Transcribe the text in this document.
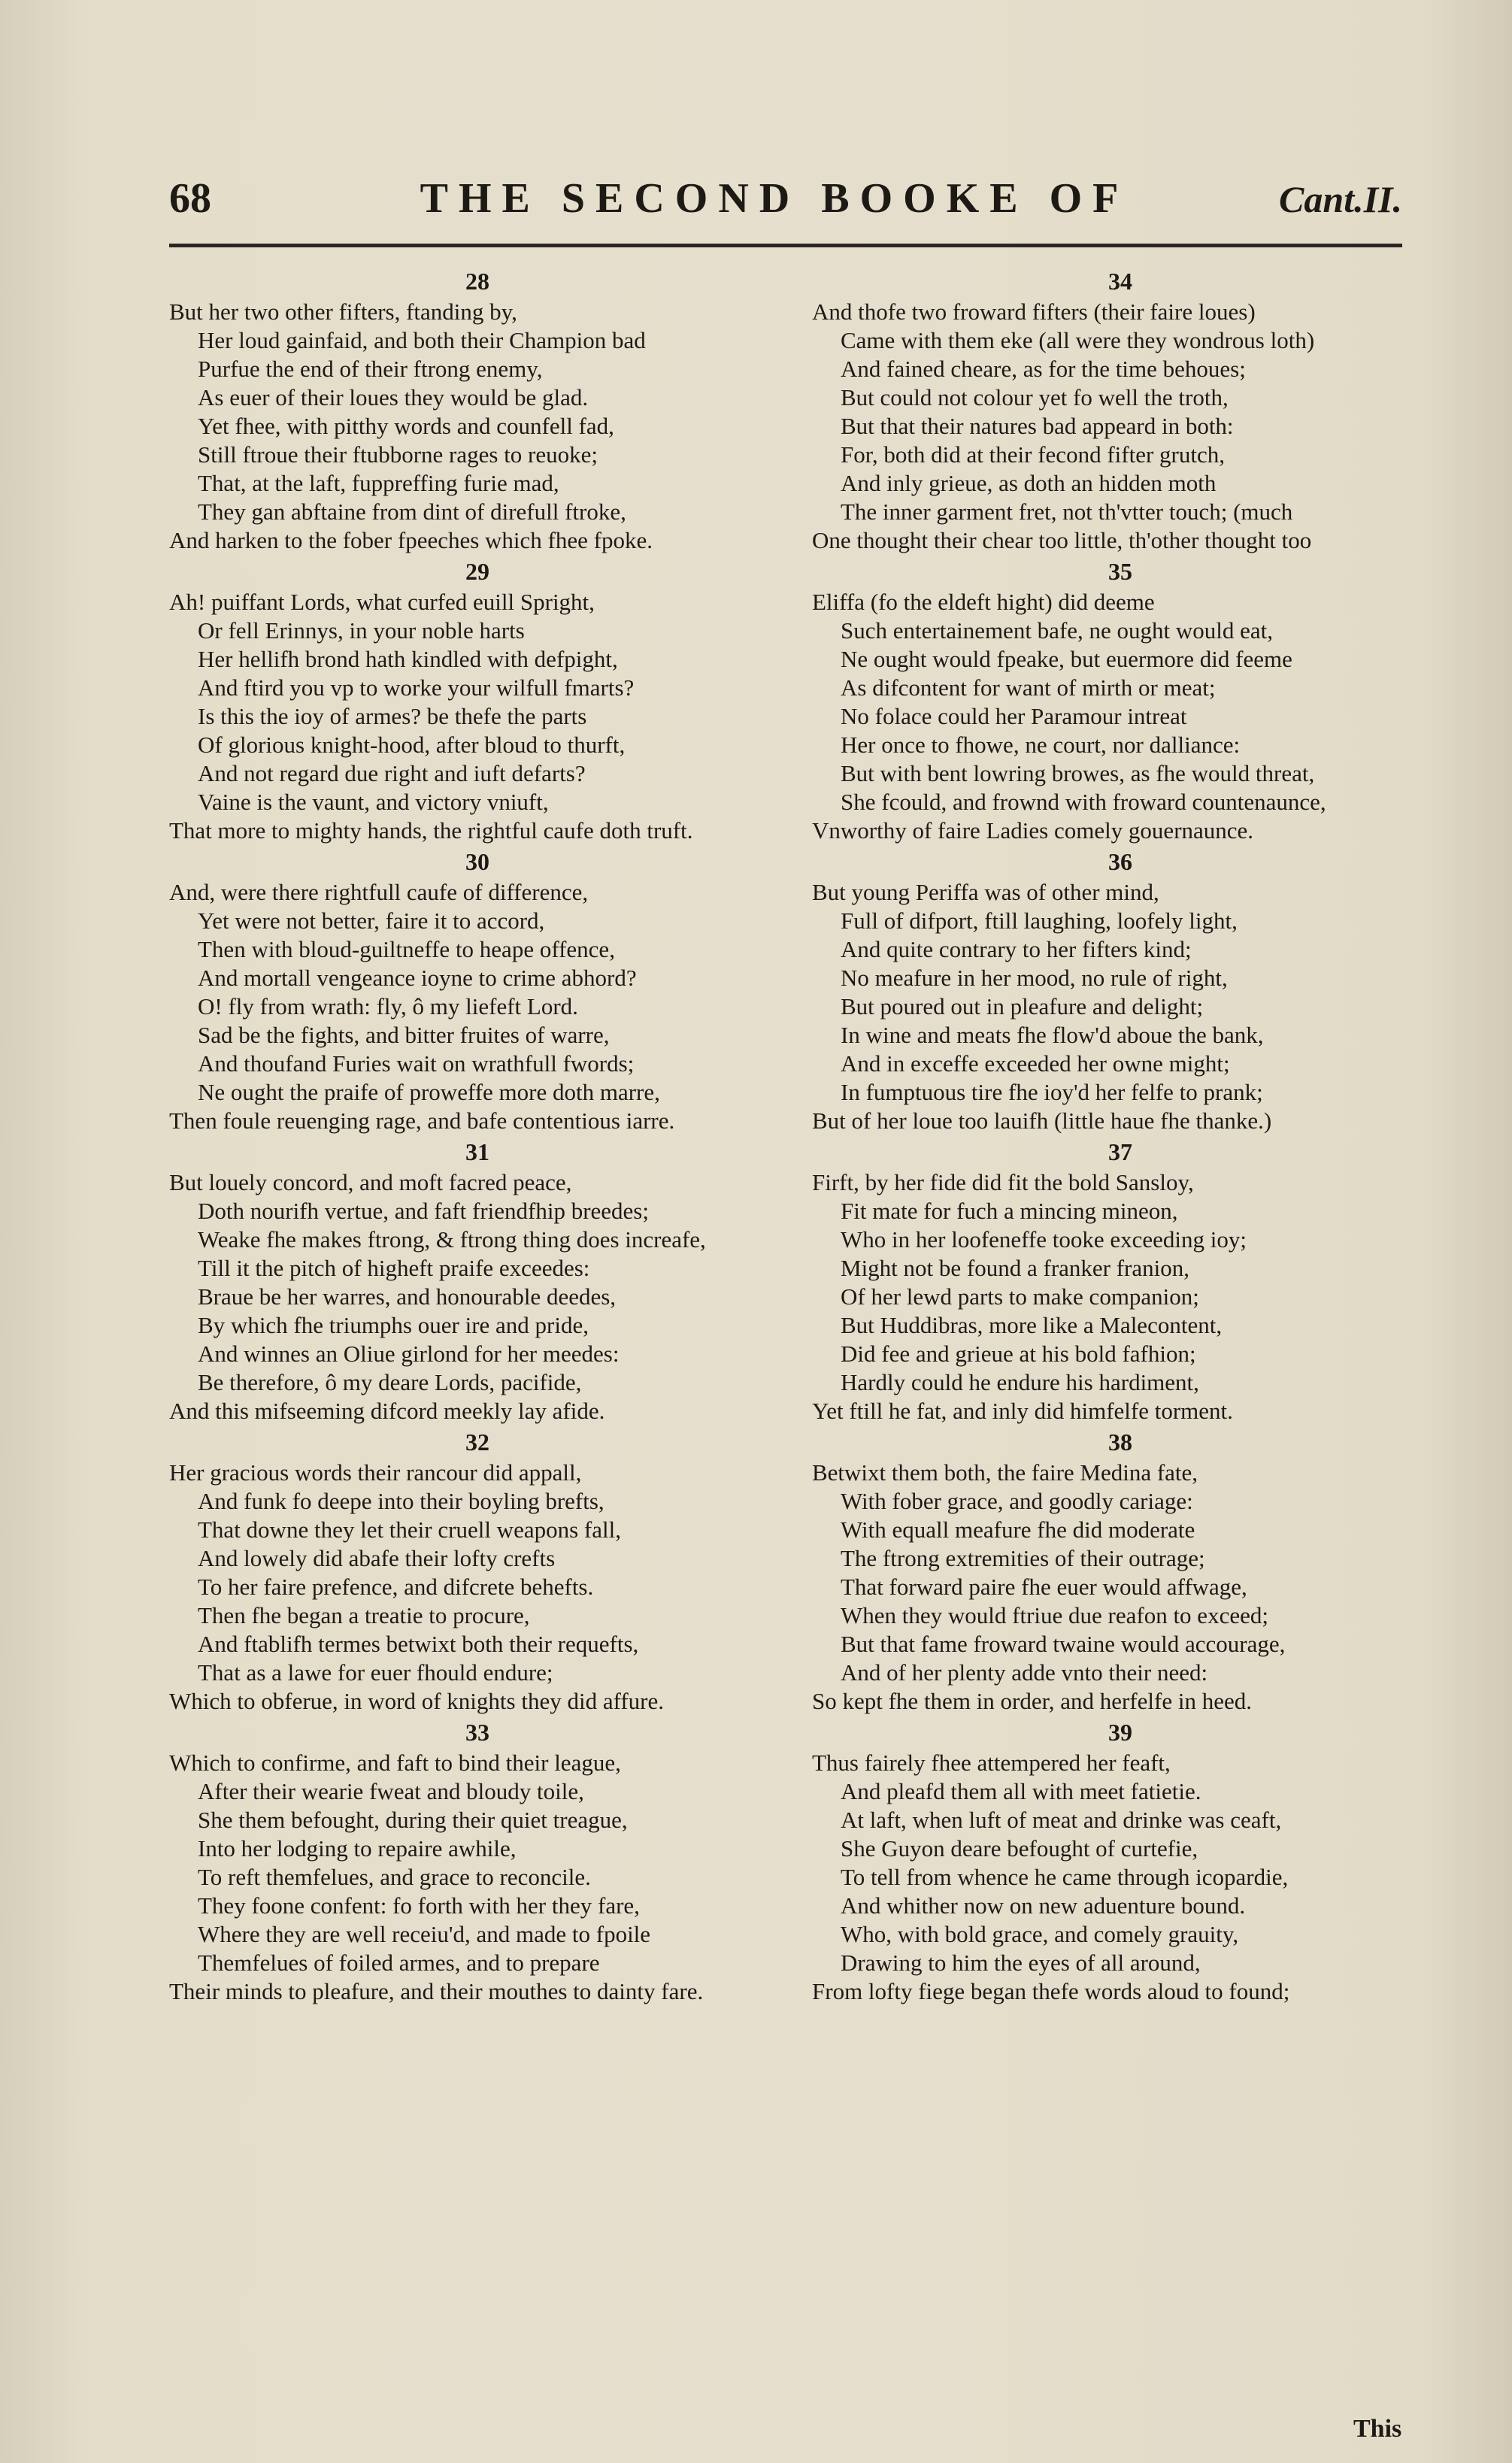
68	THE SECOND BOOKE OF	Cant.II.
28
But her two other fifters, ftanding by,
Her loud gainfaid, and both their Champion bad
Purfue the end of their ftrong enemy,
As euer of their loues they would be glad.
Yet fhee, with pitthy words and counfell fad,
Still ftroue their ftubborne rages to reuoke;
That, at the laft, fuppreffing furie mad,
They gan abftaine from dint of direfull ftroke,
And harken to the fober fpeeches which fhee fpoke.
29
Ah! puiffant Lords, what curfed euill Spright,
Or fell Erinnys, in your noble harts
Her hellifh brond hath kindled with defpight,
And ftird you vp to worke your wilfull fmarts?
Is this the ioy of armes? be thefe the parts
Of glorious knight-hood, after bloud to thurft,
And not regard due right and iuft defarts?
Vaine is the vaunt, and victory vniuft,
That more to mighty hands, the rightful caufe doth truft.
30
And, were there rightfull caufe of difference,
Yet were not better, faire it to accord,
Then with bloud-guiltneffe to heape offence,
And mortall vengeance ioyne to crime abhord?
O! fly from wrath: fly, ô my liefeft Lord.
Sad be the fights, and bitter fruites of warre,
And thoufand Furies wait on wrathfull fwords;
Ne ought the praife of proweffe more doth marre,
Then foule reuenging rage, and bafe contentious iarre.
31
But louely concord, and moft facred peace,
Doth nourifh vertue, and faft friendfhip breedes;
Weake fhe makes ftrong, & ftrong thing does increafe,
Till it the pitch of higheft praife exceedes:
Braue be her warres, and honourable deedes,
By which fhe triumphs ouer ire and pride,
And winnes an Oliue girlond for her meedes:
Be therefore, ô my deare Lords, pacifide,
And this mifseeming difcord meekly lay afide.
32
Her gracious words their rancour did appall,
And funk fo deepe into their boyling brefts,
That downe they let their cruell weapons fall,
And lowely did abafe their lofty crefts
To her faire prefence, and difcrete behefts.
Then fhe began a treatie to procure,
And ftablifh termes betwixt both their requefts,
That as a lawe for euer fhould endure;
Which to obferue, in word of knights they did affure.
33
Which to confirme, and faft to bind their league,
After their wearie fweat and bloudy toile,
She them befought, during their quiet treague,
Into her lodging to repaire awhile,
To reft themfelues, and grace to reconcile.
They foone confent: fo forth with her they fare,
Where they are well receiu'd, and made to fpoile
Themfelues of foiled armes, and to prepare
Their minds to pleafure, and their mouthes to dainty fare.
34
And thofe two froward fifters (their faire loues)
Came with them eke (all were they wondrous loth)
And fained cheare, as for the time behoues;
But could not colour yet fo well the troth,
But that their natures bad appeard in both:
For, both did at their fecond fifter grutch,
And inly grieue, as doth an hidden moth
The inner garment fret, not th'vtter touch; (much
One thought their chear too little, th'other thought too
35
Eliffa (fo the eldeft hight) did deeme
Such entertainement bafe, ne ought would eat,
Ne ought would fpeake, but euermore did feeme
As difcontent for want of mirth or meat;
No folace could her Paramour intreat
Her once to fhowe, ne court, nor dalliance:
But with bent lowring browes, as fhe would threat,
She fcould, and frownd with froward countenaunce,
Vnworthy of faire Ladies comely gouernaunce.
36
But young Periffa was of other mind,
Full of difport, ftill laughing, loofely light,
And quite contrary to her fifters kind;
No meafure in her mood, no rule of right,
But poured out in pleafure and delight;
In wine and meats fhe flow'd aboue the bank,
And in exceffe exceeded her owne might;
In fumptuous tire fhe ioy'd her felfe to prank;
But of her loue too lauifh (little haue fhe thanke.)
37
Firft, by her fide did fit the bold Sansloy,
Fit mate for fuch a mincing mineon,
Who in her loofeneffe tooke exceeding ioy;
Might not be found a franker franion,
Of her lewd parts to make companion;
But Huddibras, more like a Malecontent,
Did fee and grieue at his bold fafhion;
Hardly could he endure his hardiment,
Yet ftill he fat, and inly did himfelfe torment.
38
Betwixt them both, the faire Medina fate,
With fober grace, and goodly cariage:
With equall meafure fhe did moderate
The ftrong extremities of their outrage;
That forward paire fhe euer would affwage,
When they would ftriue due reafon to exceed;
But that fame froward twaine would accourage,
And of her plenty adde vnto their need:
So kept fhe them in order, and herfelfe in heed.
39
Thus fairely fhee attempered her feaft,
And pleafd them all with meet fatietie.
At laft, when luft of meat and drinke was ceaft,
She Guyon deare befought of curtefie,
To tell from whence he came through icopardie,
And whither now on new aduenture bound.
Who, with bold grace, and comely grauity,
Drawing to him the eyes of all around,
From lofty fiege began thefe words aloud to found;
This
